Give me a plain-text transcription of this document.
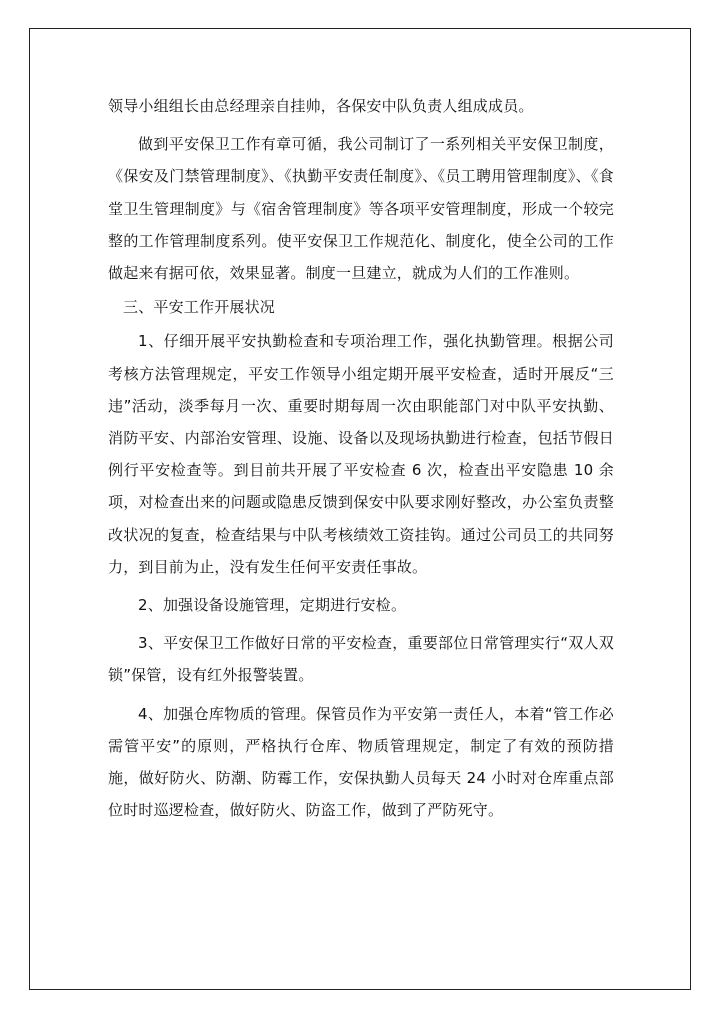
领导小组组长由总经理亲自挂帅，各保安中队负责人组成成员。

做到平安保卫工作有章可循，我公司制订了一系列相关平安保卫制度，《保安及门禁管理制度》、《执勤平安责任制度》、《员工聘用管理制度》、《食堂卫生管理制度》与《宿舍管理制度》等各项平安管理制度，形成一个较完整的工作管理制度系列。使平安保卫工作规范化、制度化，使全公司的工作做起来有据可依，效果显著。制度一旦建立，就成为人们的工作准则。

三、平安工作开展状况

1、仔细开展平安执勤检查和专项治理工作，强化执勤管理。根据公司考核方法管理规定，平安工作领导小组定期开展平安检查，适时开展反“三违”活动，淡季每月一次、重要时期每周一次由职能部门对中队平安执勤、消防平安、内部治安管理、设施、设备以及现场执勤进行检查，包括节假日例行平安检查等。到目前共开展了平安检查 6 次，检查出平安隐患 10 余项，对检查出来的问题或隐患反馈到保安中队要求刚好整改，办公室负责整改状况的复查，检查结果与中队考核绩效工资挂钩。通过公司员工的共同努力，到目前为止，没有发生任何平安责任事故。

2、加强设备设施管理，定期进行安检。

3、平安保卫工作做好日常的平安检查，重要部位日常管理实行“双人双锁”保管，设有红外报警装置。

4、加强仓库物质的管理。保管员作为平安第一责任人，本着“管工作必需管平安”的原则，严格执行仓库、物质管理规定，制定了有效的预防措施，做好防火、防潮、防霉工作，安保执勤人员每天 24 小时对仓库重点部位时时巡逻检查，做好防火、防盗工作，做到了严防死守。
